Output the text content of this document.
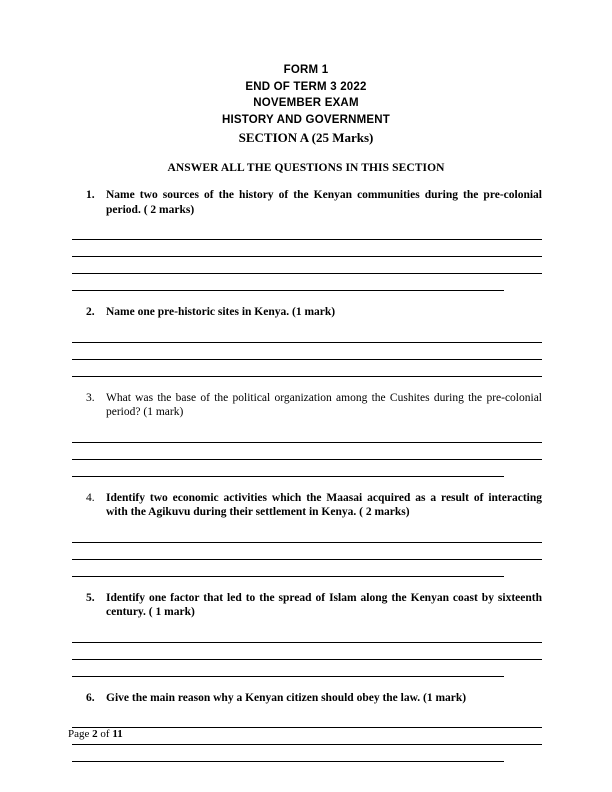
FORM 1
END OF TERM 3 2022
NOVEMBER EXAM
HISTORY AND GOVERNMENT
SECTION A (25 Marks)
ANSWER ALL THE QUESTIONS IN THIS SECTION
1. Name two sources of the history of the Kenyan communities during the pre-colonial period. ( 2 marks)
2. Name one pre-historic sites in Kenya. (1 mark)
3. What was the base of the political organization among the Cushites during the pre-colonial period? (1 mark)
4. Identify two economic activities which the Maasai acquired as a result of interacting with the Agikuvu during their settlement in Kenya. ( 2 marks)
5. Identify one factor that led to the spread of Islam along the Kenyan coast by sixteenth century. ( 1 mark)
6. Give the main reason why a Kenyan citizen should obey the law. (1 mark)
Page 2 of 11
